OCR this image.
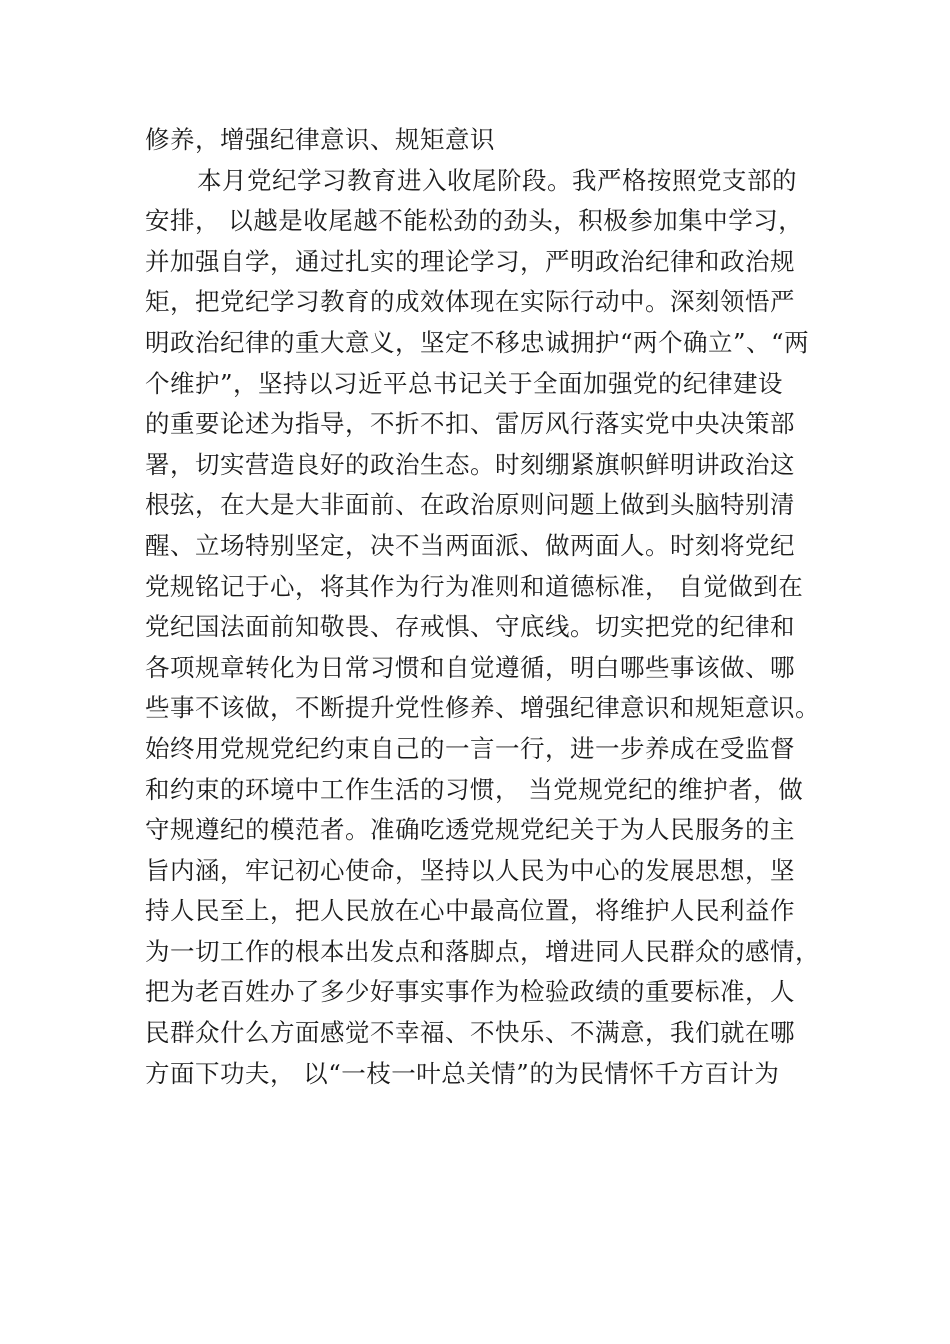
修养，增强纪律意识、规矩意识
本月党纪学习教育进入收尾阶段。我严格按照党支部的
安排， 以越是收尾越不能松劲的劲头，积极参加集中学习，
并加强自学，通过扎实的理论学习，严明政治纪律和政治规
矩，把党纪学习教育的成效体现在实际行动中。深刻领悟严
明政治纪律的重大意义，坚定不移忠诚拥护“两个确立”、“两
个维护”，坚持以习近平总书记关于全面加强党的纪律建设
的重要论述为指导，不折不扣、雷厉风行落实党中央决策部
署，切实营造良好的政治生态。时刻绷紧旗帜鲜明讲政治这
根弦，在大是大非面前、在政治原则问题上做到头脑特别清
醒、立场特别坚定，决不当两面派、做两面人。时刻将党纪
党规铭记于心，将其作为行为准则和道德标准， 自觉做到在
党纪国法面前知敬畏、存戒惧、守底线。切实把党的纪律和
各项规章转化为日常习惯和自觉遵循，明白哪些事该做、哪
些事不该做，不断提升党性修养、增强纪律意识和规矩意识。
始终用党规党纪约束自己的一言一行，进一步养成在受监督
和约束的环境中工作生活的习惯， 当党规党纪的维护者，做
守规遵纪的模范者。准确吃透党规党纪关于为人民服务的主
旨内涵，牢记初心使命，坚持以人民为中心的发展思想，坚
持人民至上，把人民放在心中最高位置，将维护人民利益作
为一切工作的根本出发点和落脚点，增进同人民群众的感情，
把为老百姓办了多少好事实事作为检验政绩的重要标准，人
民群众什么方面感觉不幸福、不快乐、不满意，我们就在哪
方面下功夫， 以“一枝一叶总关情”的为民情怀千方百计为
